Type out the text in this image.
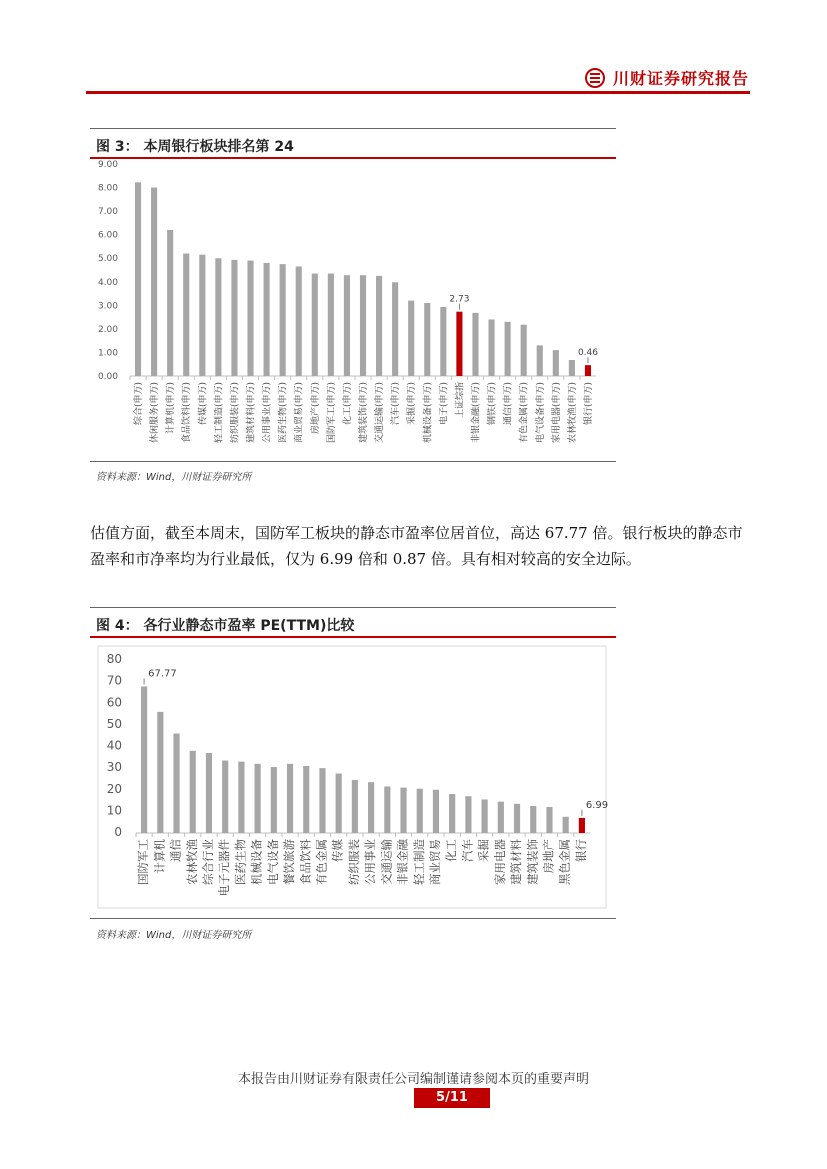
川财证券研究报告
图 3： 本周银行板块排名第 24
0.00
1.00
2.00
3.00
4.00
5.00
6.00
7.00
8.00
9.00
综合(申万) 休闲服务(申万) 计算机(申万) 食品饮料(申万) 传媒(申万) 轻工制造(申万) 纺织服装(申万) 建筑材料(申万) 公用事业(申万) 医药生物(申万) 商业贸易(申万) 房地产(申万) 国防军工(申万) 化工(申万) 建筑装饰(申万) 交通运输(申万) 汽车(申万) 采掘(申万) 机械设备(申万) 电子(申万) 上证综指
2.73
非银金融(申万) 钢铁(申万) 通信(申万) 有色金属(申万) 电气设备(申万) 家用电器(申万) 农林牧渔(申万) 银行(申万)
0.46
资料来源：Wind，川财证券研究所
估值方面，截至本周末，国防军工板块的静态市盈率位居首位，高达 67.77 倍。银行板块的静态市盈率和市净率均为行业最低，仅为 6.99 倍和 0.87 倍。具有相对较高的安全边际。
图 4： 各行业静态市盈率 PE(TTM)比较
0
10
20
30
40
50
60
70
80
国防军工
67.77
计算机 通信 农林牧渔 综合行业 电子元器件 医药生物 机械设备 电气设备 餐饮旅游 食品饮料 有色金属 传媒 纺织服装 公用事业 交通运输 非银金融 轻工制造 商业贸易 化工 汽车 采掘 家用电器 建筑材料 建筑装饰 房地产 黑色金属 银行
6.99
资料来源：Wind，川财证券研究所
本报告由川财证券有限责任公司编制谨请参阅本页的重要声明
5/11
